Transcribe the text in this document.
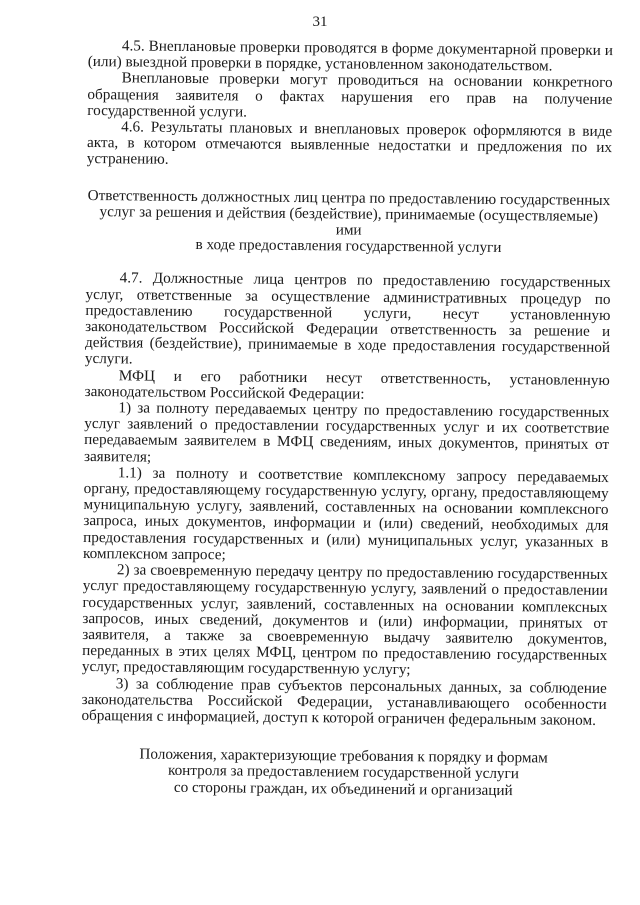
31

4.5. Внеплановые проверки проводятся в форме документарной проверки и (или) выездной проверки в порядке, установленном законодательством.

Внеплановые проверки могут проводиться на основании конкретного обращения заявителя о фактах нарушения его прав на получение государственной услуги.

4.6. Результаты плановых и внеплановых проверок оформляются в виде акта, в котором отмечаются выявленные недостатки и предложения по их устранению.

Ответственность должностных лиц центра по предоставлению государственных
услуг за решения и действия (бездействие), принимаемые (осуществляемые) ими
в ходе предоставления государственной услуги

4.7. Должностные лица центров по предоставлению государственных услуг, ответственные за осуществление административных процедур по предоставлению государственной услуги, несут установленную законодательством Российской Федерации ответственность за решение и действия (бездействие), принимаемые в ходе предоставления государственной услуги.

МФЦ и его работники несут ответственность, установленную законодательством Российской Федерации:

1) за полноту передаваемых центру по предоставлению государственных услуг заявлений о предоставлении государственных услуг и их соответствие передаваемым заявителем в МФЦ сведениям, иных документов, принятых от заявителя;

1.1) за полноту и соответствие комплексному запросу передаваемых органу, предоставляющему государственную услугу, органу, предоставляющему муниципальную услугу, заявлений, составленных на основании комплексного запроса, иных документов, информации и (или) сведений, необходимых для предоставления государственных и (или) муниципальных услуг, указанных в комплексном запросе;

2) за своевременную передачу центру по предоставлению государственных услуг предоставляющему государственную услугу, заявлений о предоставлении государственных услуг, заявлений, составленных на основании комплексных запросов, иных сведений, документов и (или) информации, принятых от заявителя, а также за своевременную выдачу заявителю документов, переданных в этих целях МФЦ, центром по предоставлению государственных услуг, предоставляющим государственную услугу;

3) за соблюдение прав субъектов персональных данных, за соблюдение законодательства Российской Федерации, устанавливающего особенности обращения с информацией, доступ к которой ограничен федеральным законом.

Положения, характеризующие требования к порядку и формам
контроля за предоставлением государственной услуги
со стороны граждан, их объединений и организаций
